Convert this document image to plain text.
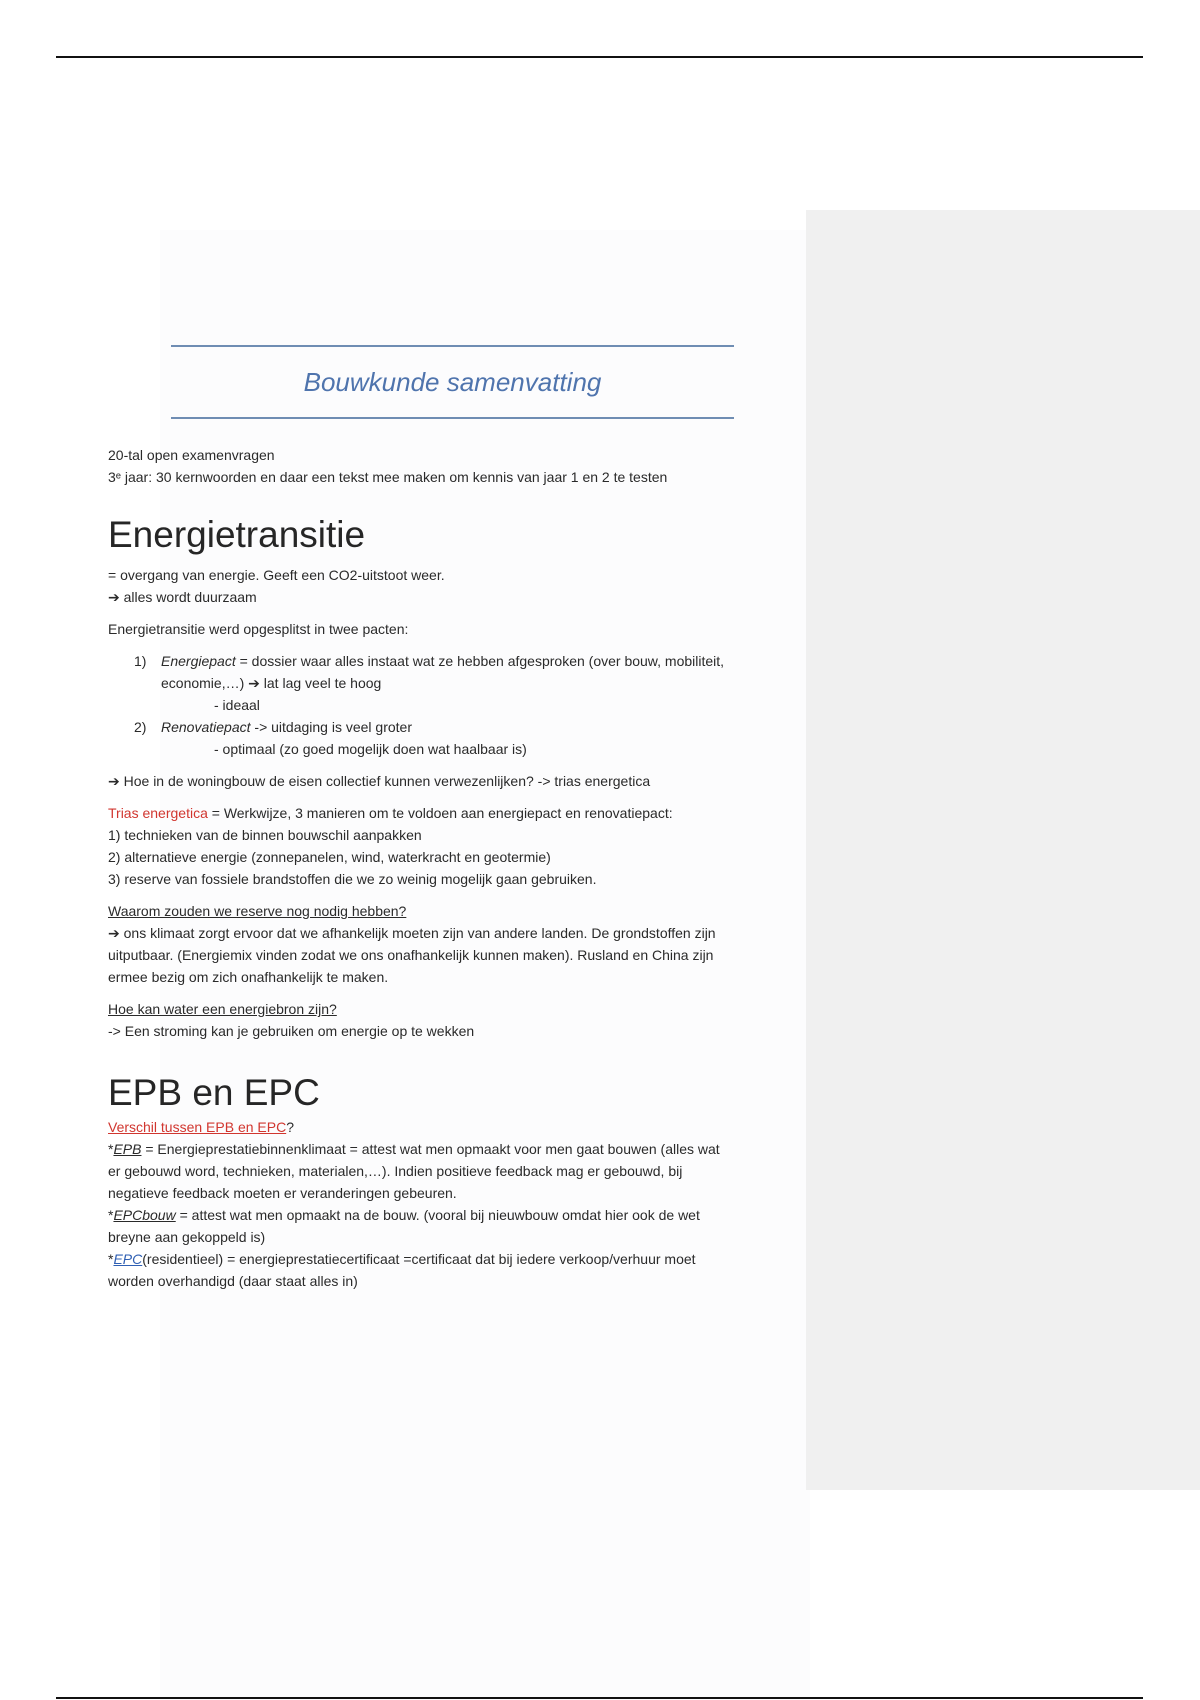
Bouwkunde samenvatting

20-tal open examenvragen

3ᵉ jaar: 30 kernwoorden en daar een tekst mee maken om kennis van jaar 1 en 2 te testen

Energietransitie

= overgang van energie. Geeft een CO2-uitstoot weer.

➔ alles wordt duurzaam

Energietransitie werd opgesplitst in twee pacten:

1)	Energiepact = dossier waar alles instaat wat ze hebben afgesproken (over bouw, mobiliteit,
economie,…) ➔ lat lag veel te hoog

- ideaal

2)	Renovatiepact -> uitdaging is veel groter

- optimaal (zo goed mogelijk doen wat haalbaar is)

➔ Hoe in de woningbouw de eisen collectief kunnen verwezenlijken? -> trias energetica

Trias energetica = Werkwijze, 3 manieren om te voldoen aan energiepact en renovatiepact:

1) technieken van de binnen bouwschil aanpakken

2) alternatieve energie (zonnepanelen, wind, waterkracht en geotermie)

3) reserve van fossiele brandstoffen die we zo weinig mogelijk gaan gebruiken.

Waarom zouden we reserve nog nodig hebben?

➔ ons klimaat zorgt ervoor dat we afhankelijk moeten zijn van andere landen. De grondstoffen zijn

uitputbaar. (Energiemix vinden zodat we ons onafhankelijk kunnen maken). Rusland en China zijn

ermee bezig om zich onafhankelijk te maken.

Hoe kan water een energiebron zijn?

-> Een stroming kan je gebruiken om energie op te wekken

EPB en EPC

Verschil tussen EPB en EPC?

*EPB = Energieprestatiebinnenklimaat = attest wat men opmaakt voor men gaat bouwen (alles wat

er gebouwd word, technieken, materialen,…). Indien positieve feedback mag er gebouwd, bij

negatieve feedback moeten er veranderingen gebeuren.

*EPCbouw = attest wat men opmaakt na de bouw. (vooral bij nieuwbouw omdat hier ook de wet

breyne aan gekoppeld is)

*EPC(residentieel) = energieprestatiecertificaat =certificaat dat bij iedere verkoop/verhuur moet

worden overhandigd (daar staat alles in)
